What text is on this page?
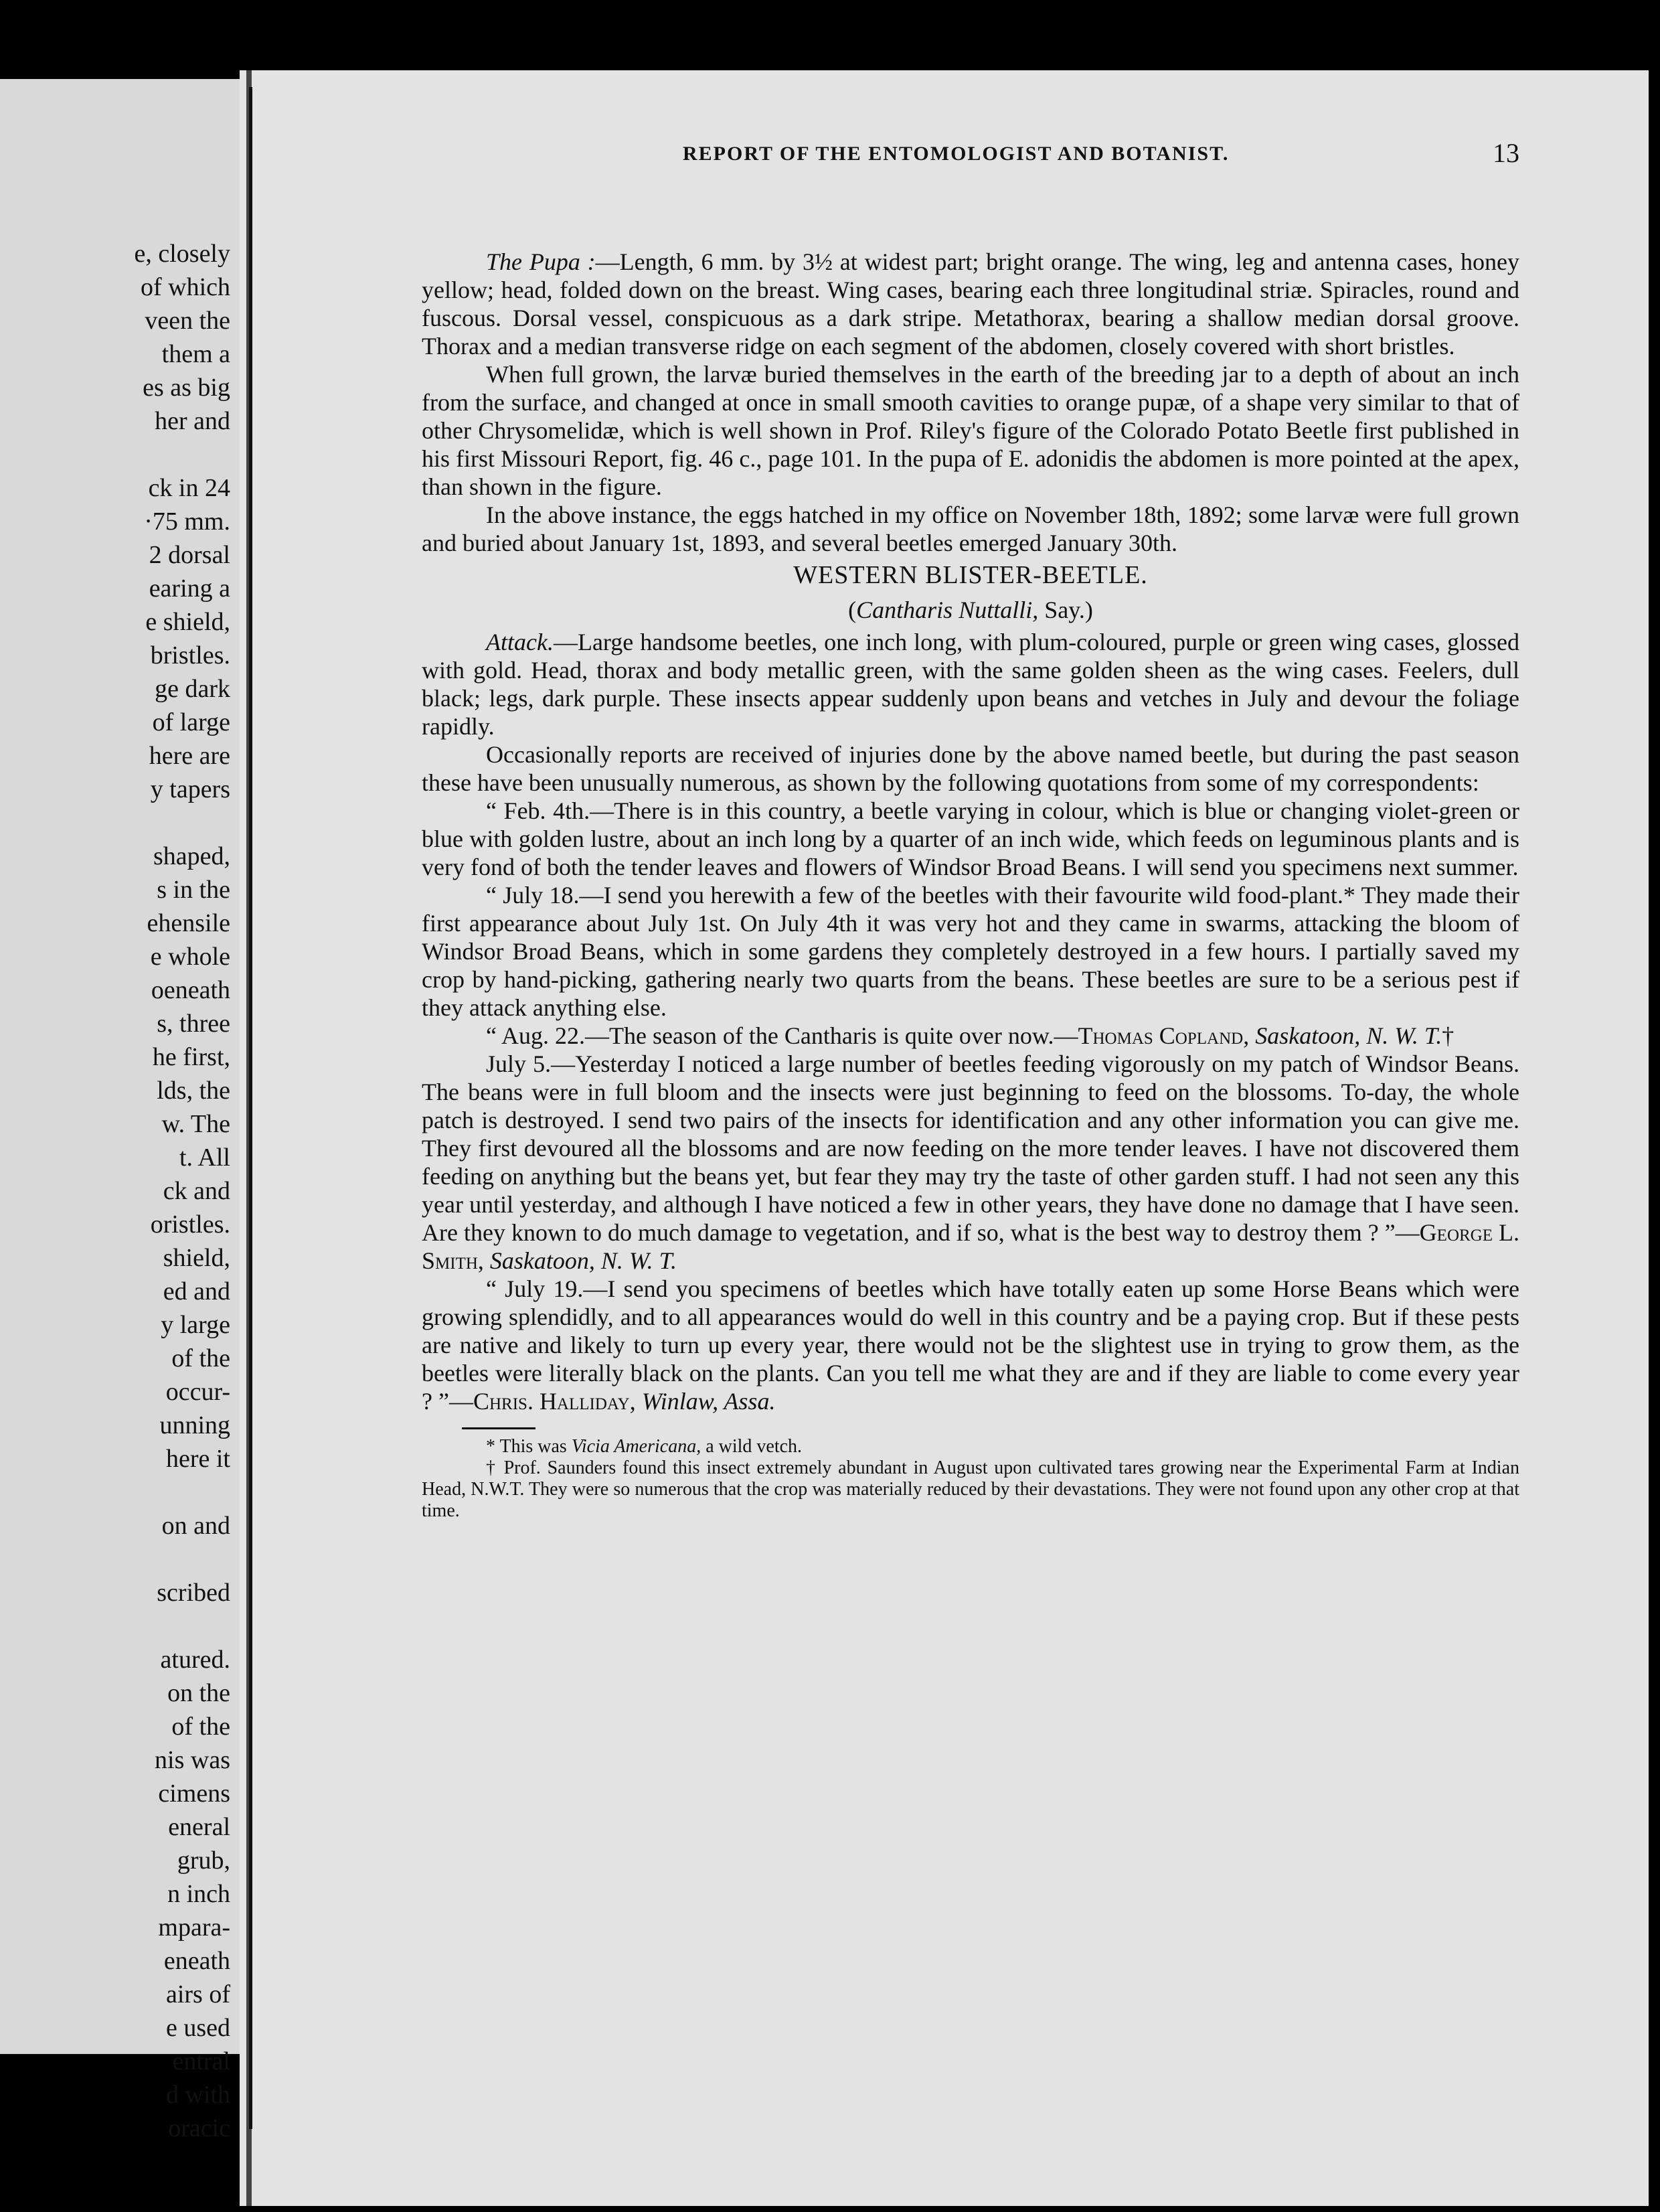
e, closely
of which
veen the
them a
es as big
her and
ck in 24
·75 mm.
2 dorsal
earing a
e shield,
bristles.
ge dark
of large
here are
y tapers
shaped,
s in the
ehensile
e whole
oeneath
s, three
he first,
lds, the
w. The
t. All
ck and
oristles.
shield,
ed and
y large
of the
occur-
unning
here it
on and
scribed
atured.
on the
of the
nis was
cimens
eneral
grub,
n inch
mpara-
eneath
airs of
e used
entral
d with
oracic
REPORT OF THE ENTOMOLOGIST AND BOTANIST.	13

The Pupa :—Length, 6 mm. by 3½ at widest part; bright orange. The wing, leg and antenna cases, honey yellow; head, folded down on the breast. Wing cases, bearing each three longitudinal striæ. Spiracles, round and fuscous. Dorsal vessel, conspicuous as a dark stripe. Metathorax, bearing a shallow median dorsal groove. Thorax and a median transverse ridge on each segment of the abdomen, closely covered with short bristles.

When full grown, the larvæ buried themselves in the earth of the breeding jar to a depth of about an inch from the surface, and changed at once in small smooth cavities to orange pupæ, of a shape very similar to that of other Chrysomelidæ, which is well shown in Prof. Riley's figure of the Colorado Potato Beetle first published in his first Missouri Report, fig. 46 c., page 101. In the pupa of E. adonidis the abdomen is more pointed at the apex, than shown in the figure.

In the above instance, the eggs hatched in my office on November 18th, 1892; some larvæ were full grown and buried about January 1st, 1893, and several beetles emerged January 30th.

WESTERN BLISTER-BEETLE.
(Cantharis Nuttalli, Say.)

Attack.—Large handsome beetles, one inch long, with plum-coloured, purple or green wing cases, glossed with gold. Head, thorax and body metallic green, with the same golden sheen as the wing cases. Feelers, dull black; legs, dark purple. These insects appear suddenly upon beans and vetches in July and devour the foliage rapidly.

Occasionally reports are received of injuries done by the above named beetle, but during the past season these have been unusually numerous, as shown by the following quotations from some of my correspondents:

“ Feb. 4th.—There is in this country, a beetle varying in colour, which is blue or changing violet-green or blue with golden lustre, about an inch long by a quarter of an inch wide, which feeds on leguminous plants and is very fond of both the tender leaves and flowers of Windsor Broad Beans. I will send you specimens next summer.

“ July 18.—I send you herewith a few of the beetles with their favourite wild food-plant.* They made their first appearance about July 1st. On July 4th it was very hot and they came in swarms, attacking the bloom of Windsor Broad Beans, which in some gardens they completely destroyed in a few hours. I partially saved my crop by hand-picking, gathering nearly two quarts from the beans. These beetles are sure to be a serious pest if they attack anything else.

“ Aug. 22.—The season of the Cantharis is quite over now.—Thomas Copland, Saskatoon, N. W. T.†

July 5.—Yesterday I noticed a large number of beetles feeding vigorously on my patch of Windsor Beans. The beans were in full bloom and the insects were just beginning to feed on the blossoms. To-day, the whole patch is destroyed. I send two pairs of the insects for identification and any other information you can give me. They first devoured all the blossoms and are now feeding on the more tender leaves. I have not discovered them feeding on anything but the beans yet, but fear they may try the taste of other garden stuff. I had not seen any this year until yesterday, and although I have noticed a few in other years, they have done no damage that I have seen. Are they known to do much damage to vegetation, and if so, what is the best way to destroy them ? ”—George L. Smith, Saskatoon, N. W. T.

“ July 19.—I send you specimens of beetles which have totally eaten up some Horse Beans which were growing splendidly, and to all appearances would do well in this country and be a paying crop. But if these pests are native and likely to turn up every year, there would not be the slightest use in trying to grow them, as the beetles were literally black on the plants. Can you tell me what they are and if they are liable to come every year ? ”—Chris. Halliday, Winlaw, Assa.

* This was Vicia Americana, a wild vetch.

† Prof. Saunders found this insect extremely abundant in August upon cultivated tares growing near the Experimental Farm at Indian Head, N.W.T. They were so numerous that the crop was materially reduced by their devastations. They were not found upon any other crop at that time.
